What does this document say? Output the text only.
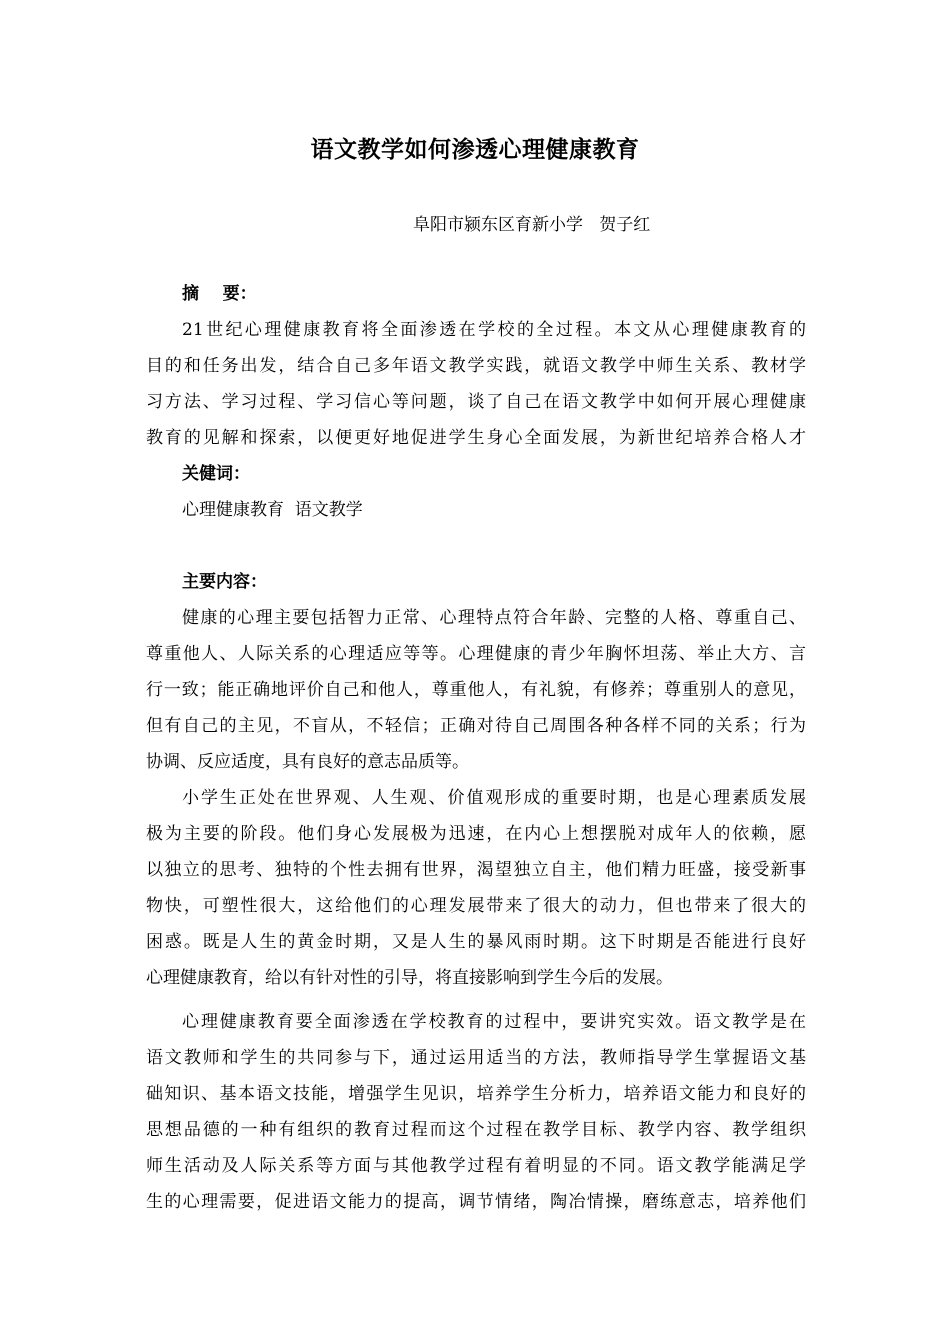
语文教学如何渗透心理健康教育
阜阳市颍东区育新小学   贺子红
摘    要：
21世纪心理健康教育将全面渗透在学校的全过程。本文从心理健康教育的
目的和任务出发，结合自己多年语文教学实践，就语文教学中师生关系、教材学
习方法、学习过程、学习信心等问题，谈了自己在语文教学中如何开展心理健康
教育的见解和探索，以便更好地促进学生身心全面发展，为新世纪培养合格人才
关健词：
心理健康教育  语文教学
主要内容：
健康的心理主要包括智力正常、心理特点符合年龄、完整的人格、尊重自己、
尊重他人、人际关系的心理适应等等。心理健康的青少年胸怀坦荡、举止大方、言
行一致；能正确地评价自己和他人，尊重他人，有礼貌，有修养；尊重别人的意见，
但有自己的主见，不盲从，不轻信；正确对待自己周围各种各样不同的关系；行为
协调、反应适度，具有良好的意志品质等。
小学生正处在世界观、人生观、价值观形成的重要时期，也是心理素质发展
极为主要的阶段。他们身心发展极为迅速，在内心上想摆脱对成年人的依赖，愿
以独立的思考、独特的个性去拥有世界，渴望独立自主，他们精力旺盛，接受新事
物快，可塑性很大，这给他们的心理发展带来了很大的动力，但也带来了很大的
困惑。既是人生的黄金时期，又是人生的暴风雨时期。这下时期是否能进行良好
心理健康教育，给以有针对性的引导，将直接影响到学生今后的发展。
心理健康教育要全面渗透在学校教育的过程中，要讲究实效。语文教学是在
语文教师和学生的共同参与下，通过运用适当的方法，教师指导学生掌握语文基
础知识、基本语文技能，增强学生见识，培养学生分析力，培养语文能力和良好的
思想品德的一种有组织的教育过程而这个过程在教学目标、教学内容、教学组织
师生活动及人际关系等方面与其他教学过程有着明显的不同。语文教学能满足学
生的心理需要，促进语文能力的提高，调节情绪，陶冶情操，磨练意志，培养他们
